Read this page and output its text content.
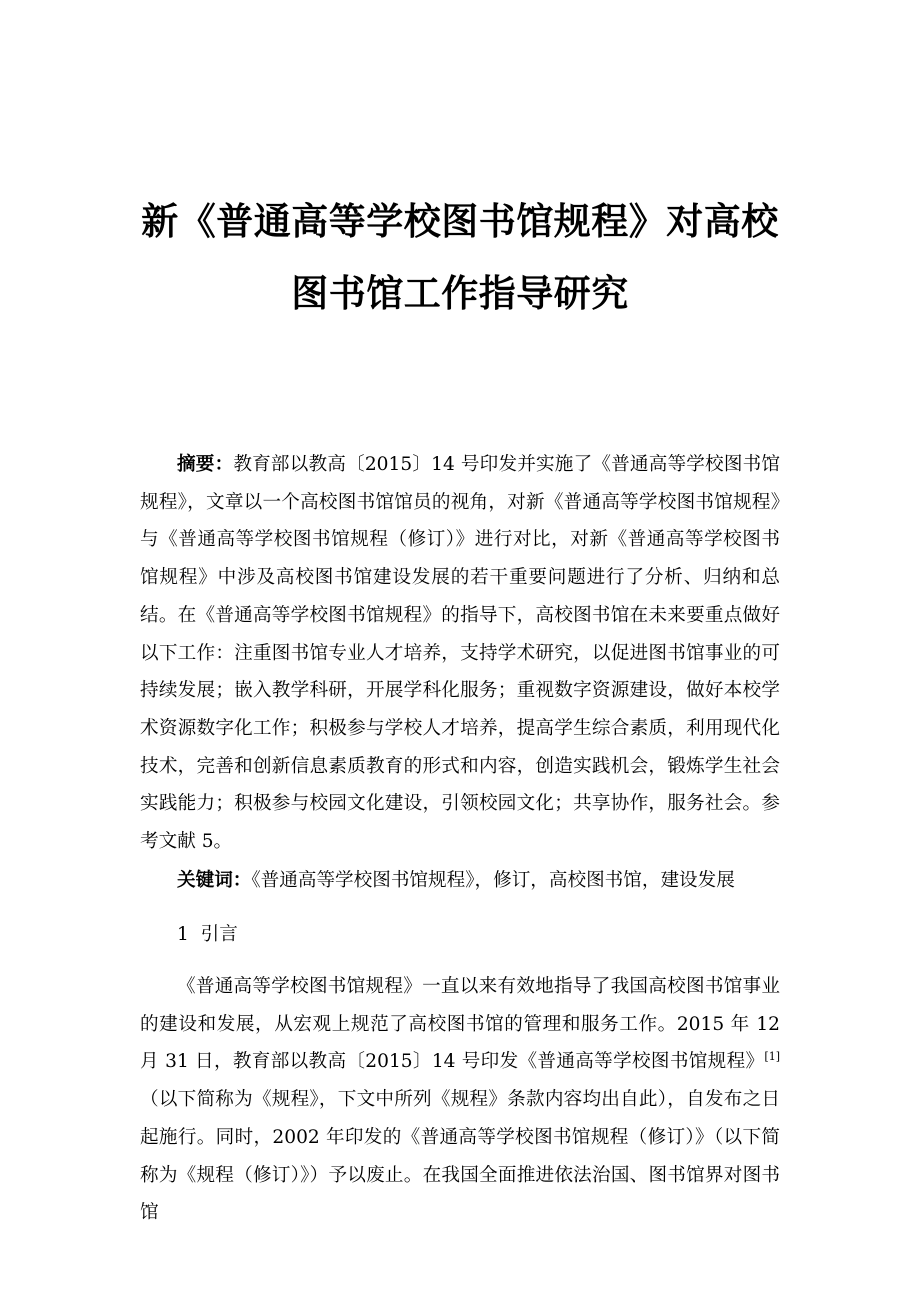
新《普通高等学校图书馆规程》对高校
图书馆工作指导研究

摘要：教育部以教高〔2015〕14 号印发并实施了《普通高等学校图书馆规程》，文章以一个高校图书馆馆员的视角，对新《普通高等学校图书馆规程》与《普通高等学校图书馆规程（修订）》进行对比，对新《普通高等学校图书馆规程》中涉及高校图书馆建设发展的若干重要问题进行了分析、归纳和总结。在《普通高等学校图书馆规程》的指导下，高校图书馆在未来要重点做好以下工作：注重图书馆专业人才培养，支持学术研究，以促进图书馆事业的可持续发展；嵌入教学科研，开展学科化服务；重视数字资源建设，做好本校学术资源数字化工作；积极参与学校人才培养，提高学生综合素质，利用现代化技术，完善和创新信息素质教育的形式和内容，创造实践机会，锻炼学生社会实践能力；积极参与校园文化建设，引领校园文化；共享协作，服务社会。参考文献 5。

关键词：《普通高等学校图书馆规程》，修订，高校图书馆，建设发展
1  引言

《普通高等学校图书馆规程》一直以来有效地指导了我国高校图书馆事业的建设和发展，从宏观上规范了高校图书馆的管理和服务工作。2015 年 12 月 31 日，教育部以教高〔2015〕14 号印发《普通高等学校图书馆规程》[1]（以下简称为《规程》，下文中所列《规程》条款内容均出自此），自发布之日起施行。同时，2002 年印发的《普通高等学校图书馆规程（修订）》（以下简称为《规程（修订）》）予以废止。在我国全面推进依法治国、图书馆界对图书馆
